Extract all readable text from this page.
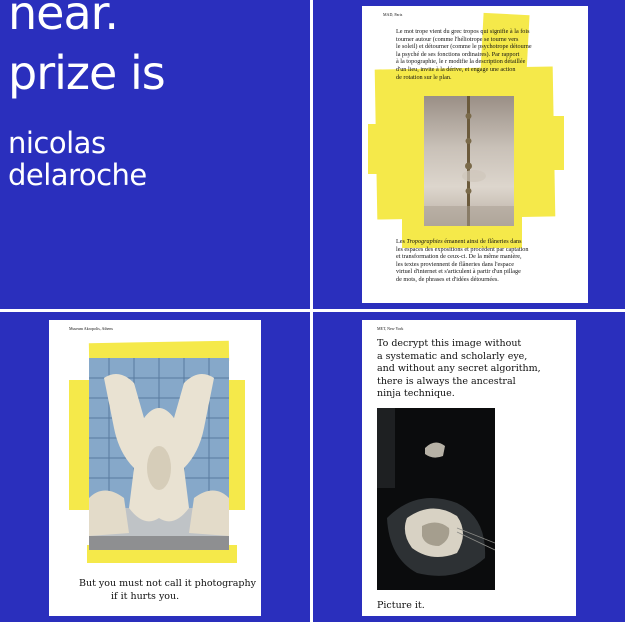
near.
prize is
nicolas
delaroche
MAD, Paris
Le mot trope vient du grec tropos qui signifie à la fois
tourner autour (comme l'héliotrope se tourne vers
le soleil) et détourner (comme le psychotrope détourne
la psyché de ses fonctions ordinaires). Par rapport
à la topographie, le r modifie la description détaillée
d'un lieu, invite à la dérive, et engage une action
de rotation sur le plan.
Les Tropographies émanent ainsi de flâneries dans
les espaces des expositions et procèdent par captation
et transformation de ceux-ci. De la même manière,
les textes proviennent de flâneries dans l'espace
virtuel d'internet et s'articulent à partir d'un pillage
de mots, de phrases et d'idées détournées.
Museum Akropolis, Athens
But you must not call it photography
if it hurts you.
MET, New York
To decrypt this image without
a systematic and scholarly eye,
and without any secret algorithm,
there is always the ancestral
ninja technique.
Picture it.
